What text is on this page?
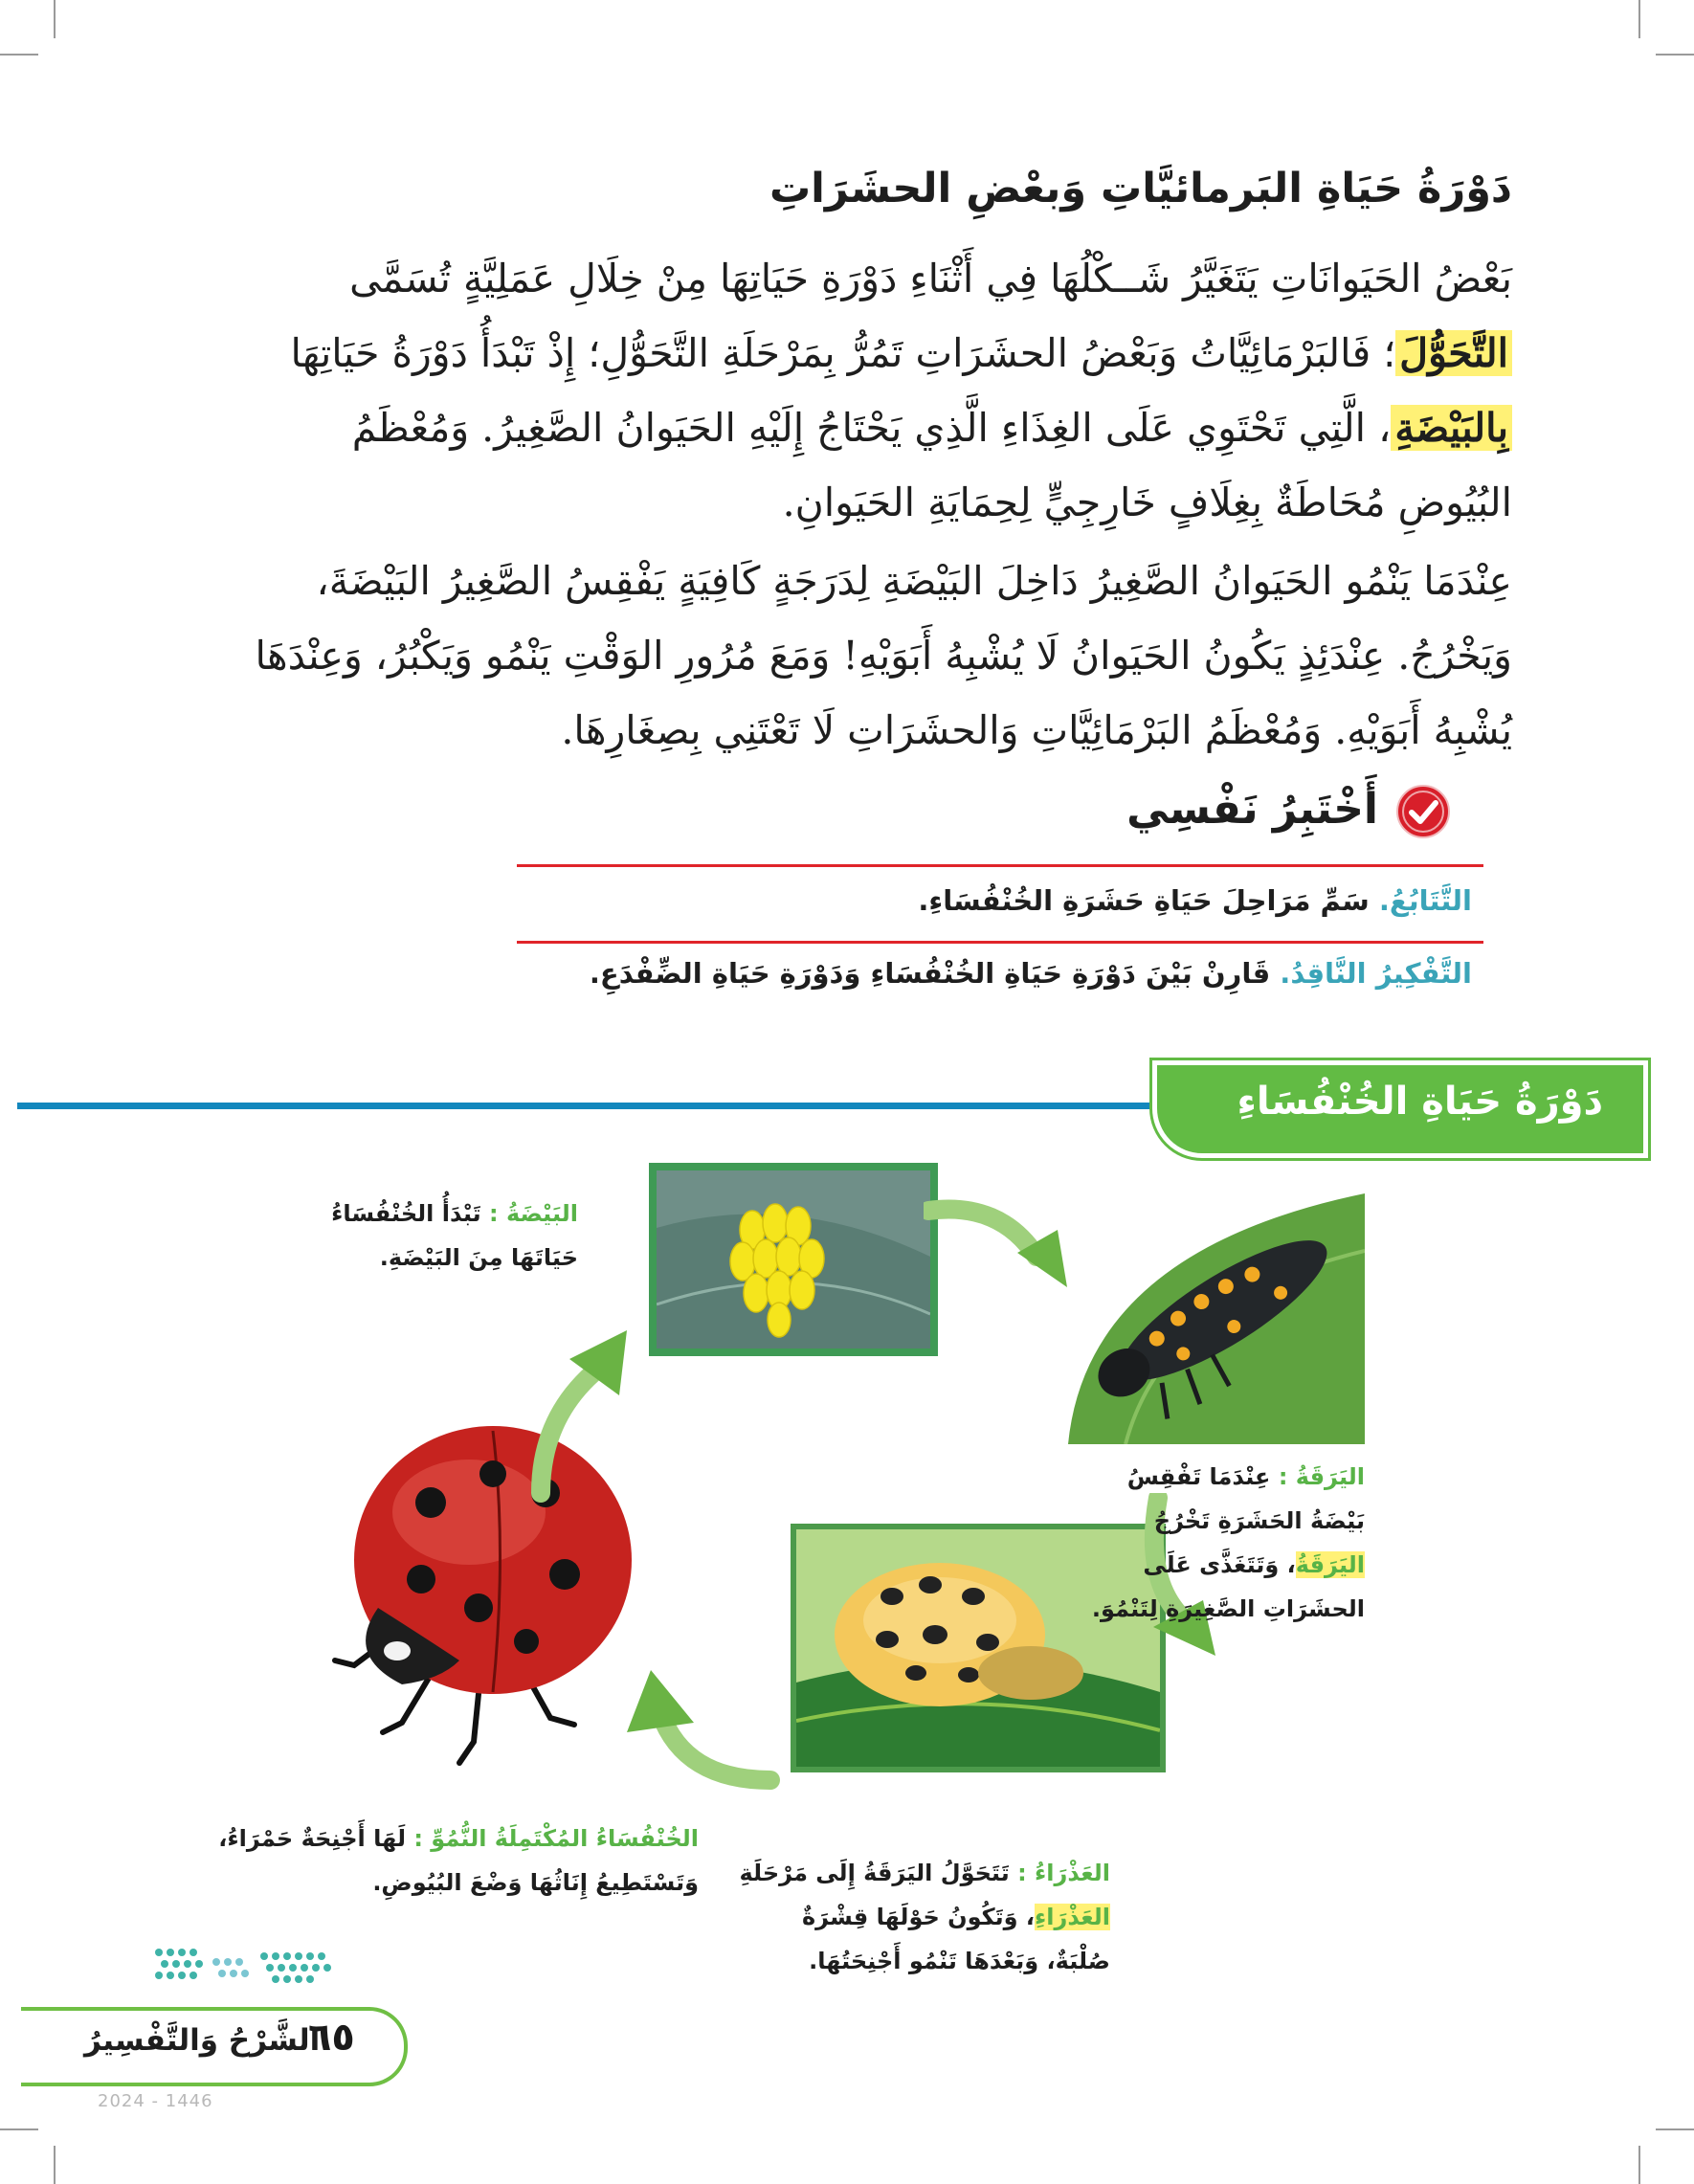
دَوْرَةُ حَيَاةِ البَرمائيَّاتِ وَبعْضِ الحشَرَاتِ

بَعْضُ الحَيَوانَاتِ يَتَغَيَّرُ شَــكْلُهَا فِي أَثْنَاءِ دَوْرَةِ حَيَاتِهَا مِنْ خِلَالِ عَمَلِيَّةٍ تُسَمَّى التَّحَوُّلَ؛ فَالبَرْمَائِيَّاتُ وَبَعْضُ الحشَرَاتِ تَمُرُّ بِمَرْحَلَةِ التَّحَوُّلِ؛ إِذْ تَبْدَأُ دَوْرَةُ حَيَاتِهَا بِالبَيْضَةِ، الَّتِي تَحْتَوِي عَلَى الغِذَاءِ الَّذِي يَحْتَاجُ إِلَيْهِ الحَيَوانُ الصَّغِيرُ. وَمُعْظَمُ البُيُوضِ مُحَاطَةٌ بِغِلَافٍ خَارِجِيٍّ لِحِمَايَةِ الحَيَوانِ.

عِنْدَمَا يَنْمُو الحَيَوانُ الصَّغِيرُ دَاخِلَ البَيْضَةِ لِدَرَجَةٍ كَافِيَةٍ يَفْقِسُ الصَّغِيرُ البَيْضَةَ، وَيَخْرُجُ. عِنْدَئِذٍ يَكُونُ الحَيَوانُ لَا يُشْبِهُ أَبَوَيْهِ! وَمَعَ مُرُورِ الوَقْتِ يَنْمُو وَيَكْبُرُ، وَعِنْدَهَا يُشْبِهُ أَبَوَيْهِ. وَمُعْظَمُ البَرْمَائِيَّاتِ وَالحشَرَاتِ لَا تَعْتَنِي بِصِغَارِهَا.

أَخْتَبِرُ نَفْسِي

التَّتَابُعُ. سَمِّ مَرَاحِلَ حَيَاةِ حَشَرَةِ الخُنْفُسَاءِ.

التَّفْكِيرُ النَّاقِدُ. قَارِنْ بَيْنَ دَوْرَةِ حَيَاةِ الخُنْفُسَاءِ وَدَوْرَةِ حَيَاةِ الضِّفْدَعِ.

دَوْرَةُ حَيَاةِ الخُنْفُسَاءِ

البَيْضَةُ : تَبْدَأُ الخُنْفُسَاءُ حَيَاتَهَا مِنَ البَيْضَةِ.

اليَرَقَةُ : عِنْدَمَا تَفْقِسُ بَيْضَةُ الحَشَرَةِ تَخْرُجُ اليَرَقَةُ، وَتَتَغَذَّى عَلَى الحشَرَاتِ الصَّغِيرَةِ لِتَنْمُوَ.

العَذْرَاءُ : تَتَحَوَّلُ اليَرَقَةُ إِلَى مَرْحَلَةِ العَذْرَاءِ، وَتَكُونُ حَوْلَهَا قِشْرَةٌ صُلْبَةٌ، وَبَعْدَهَا تَنْمُو أَجْنِحَتُهَا.

الخُنْفُسَاءُ المُكْتَمِلَةُ النُّمُوِّ : لَهَا أَجْنِحَةٌ حَمْرَاءُ، وَتَسْتَطِيعُ إِنَاثُهَا وَضْعَ البُيُوضِ.

٦٥

الشَّرْحُ وَالتَّفْسِيرُ

2024 - 1446
